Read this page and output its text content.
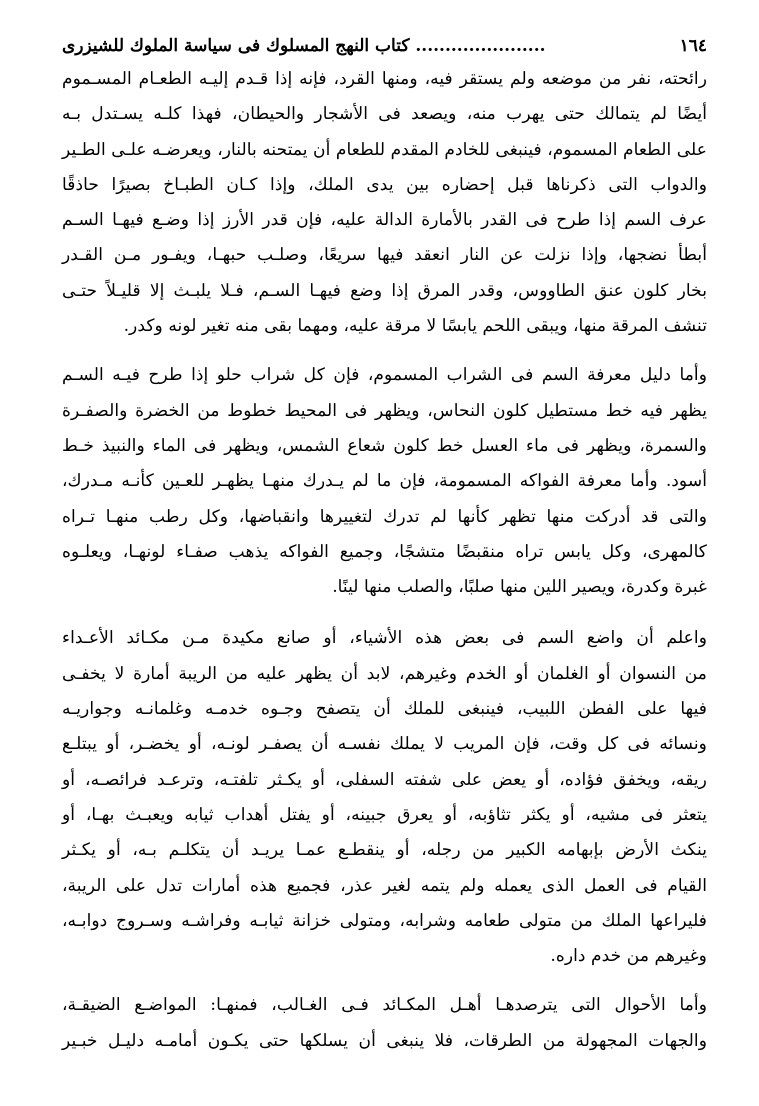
١٦٤
...................... كتاب النهج المسلوك فى سياسة الملوك للشيزرى

رائحته، نفر من موضعه ولم يستقر فيه، ومنها القرد، فإنه إذا قـدم إليـه الطعـام المسـموم
أيضًا لم يتمالك حتى يهرب منه، ويصعد فى الأشجار والحيطان، فهذا كلـه يسـتدل بـه
على الطعام المسموم، فينبغى للخادم المقدم للطعام أن يمتحنه بالنار، ويعرضـه علـى الطـير
والدواب التى ذكرناها قبل إحضاره بين يدى الملك، وإذا كـان الطبـاخ بصيرًا حاذقًا
عرف السم إذا طرح فى القدر بالأمارة الدالة عليه، فإن قدر الأرز إذا وضـع فيهـا السـم
أبطأ نضجها، وإذا نزلت عن النار انعقد فيها سريعًا، وصلـب حبهـا، ويفـور مـن القـدر
بخار كلون عنق الطاووس، وقدر المرق إذا وضع فيهـا السـم، فـلا يلبـث إلا قليـلاً حتـى
تنشف المرقة منها، ويبقى اللحم يابسًا لا مرقة عليه، ومهما بقى منه تغير لونه وكدر.

وأما دليل معرفة السم فى الشراب المسموم، فإن كل شراب حلو إذا طرح فيـه السـم
يظهر فيه خط مستطيل كلون النحاس، ويظهر فى المحيط خطوط من الخضرة والصفـرة
والسمرة، ويظهر فى ماء العسل خط كلون شعاع الشمس، ويظهر فى الماء والنبيذ خـط
أسود. وأما معرفة الفواكه المسمومة، فإن ما لم يـدرك منهـا يظهـر للعـين كأنـه مـدرك،
والتى قد أدركت منها تظهر كأنها لم تدرك لتغييرها وانقباضها، وكل رطب منهـا تـراه
كالمهرى، وكل يابس تراه منقبضًا متشجًا، وجميع الفواكه يذهب صفـاء لونهـا، ويعلـوه
غبرة وكدرة، ويصير اللين منها صلبًا، والصلب منها لينًا.

واعلم أن واضع السم فى بعض هذه الأشياء، أو صانع مكيدة مـن مكـائد الأعـداء
من النسوان أو الغلمان أو الخدم وغيرهم، لابد أن يظهر عليه من الريبة أمارة لا يخفـى
فيها على الفطن اللبيب، فينبغى للملك أن يتصفح وجـوه خدمـه وغلمانـه وجواريـه
ونسائه فى كل وقت، فإن المريب لا يملك نفسـه أن يصفـر لونـه، أو يخضـر، أو يبتلـع
ريقه، ويخفق فؤاده، أو يعض على شفته السفلى، أو يكـثر تلفتـه، وترعـد فرائصـه، أو
يتعثر فى مشيه، أو يكثر تثاؤبه، أو يعرق جبينه، أو يفتل أهداب ثيابه ويعبـث بهـا، أو
ينكث الأرض بإبهامه الكبير من رجله، أو ينقطـع عمـا يريـد أن يتكلـم بـه، أو يكـثر
القيام فى العمل الذى يعمله ولم يتمه لغير عذر، فجميع هذه أمارات تدل على الريبة،
فليراعها الملك من متولى طعامه وشرابه، ومتولى خزانة ثيابـه وفراشـه وسـروج دوابـه،
وغيرهم من خدم داره.

وأما الأحوال التى يترصدهـا أهـل المكـائد فـى الغـالب، فمنهـا: المواضـع الضيقـة،
والجهات المجهولة من الطرقات، فلا ينبغى أن يسلكها حتى يكـون أمامـه دليـل خبـير
